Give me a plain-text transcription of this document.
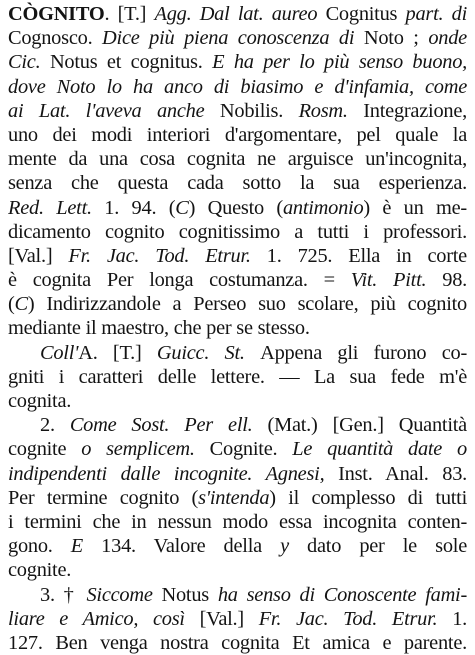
CÒGNITO. [T.] Agg. Dal lat. aureo Cognitus part. di
Cognosco. Dice più piena conoscenza di Noto ; onde
Cic. Notus et cognitus. E ha per lo più senso buono,
dove Noto lo ha anco di biasimo e d'infamia, come
ai Lat. l'aveva anche Nobilis. Rosm. Integrazione,
uno dei modi interiori d'argomentare, pel quale la
mente da una cosa cognita ne arguisce un'incognita,
senza che questa cada sotto la sua esperienza.
Red. Lett. 1. 94. (C) Questo (antimonio) è un me-
dicamento cognito cognitissimo a tutti i professori.
[Val.] Fr. Jac. Tod. Etrur. 1. 725. Ella in corte
è cognita Per longa costumanza. = Vit. Pitt. 98.
(C) Indirizzandole a Perseo suo scolare, più cognito
mediante il maestro, che per se stesso.
Coll'A. [T.] Guicc. St. Appena gli furono co-
gniti i caratteri delle lettere. — La sua fede m'è
cognita.
2. Come Sost. Per ell. (Mat.) [Gen.] Quantità
cognite o semplicem. Cognite. Le quantità date o
indipendenti dalle incognite. Agnesi, Inst. Anal. 83.
Per termine cognito (s'intenda) il complesso di tutti
i termini che in nessun modo essa incognita conten-
gono. E 134. Valore della y dato per le sole
cognite.
3. † Siccome Notus ha senso di Conoscente fami-
liare e Amico, così [Val.] Fr. Jac. Tod. Etrur. 1.
127. Ben venga nostra cognita Et amica e parente.
